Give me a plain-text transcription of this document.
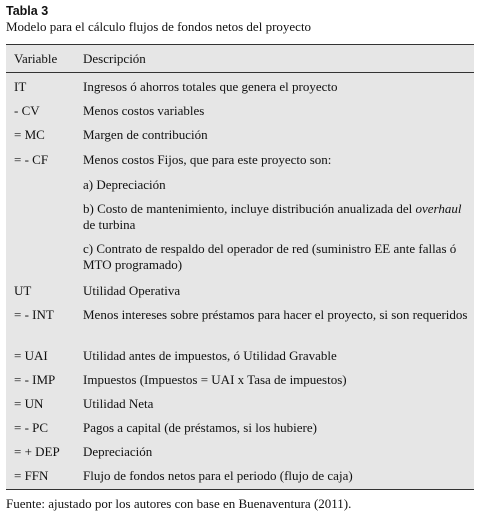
Tabla 3
Modelo para el cálculo flujos de fondos netos del proyecto
Variable Descripción
IT	Ingresos ó ahorros totales que genera el proyecto
- CV	Menos costos variables
= MC	Margen de contribución
= - CF	Menos costos Fijos, que para este proyecto son:
a) Depreciación
b) Costo de mantenimiento, incluye distribución anualizada del overhaul de turbina
c) Contrato de respaldo del operador de red (suministro EE ante fallas ó MTO programado)
UT	Utilidad Operativa
= - INT Menos intereses sobre préstamos para hacer el proyecto, si son requeridos
= UAI	Utilidad antes de impuestos, ó Utilidad Gravable
= - IMP Impuestos (Impuestos = UAI x Tasa de impuestos)
= UN	Utilidad Neta
= - PC	Pagos a capital (de préstamos, si los hubiere)
= + DEP Depreciación
= FFN	Flujo de fondos netos para el periodo (flujo de caja)
Fuente: ajustado por los autores con base en Buenaventura (2011).
